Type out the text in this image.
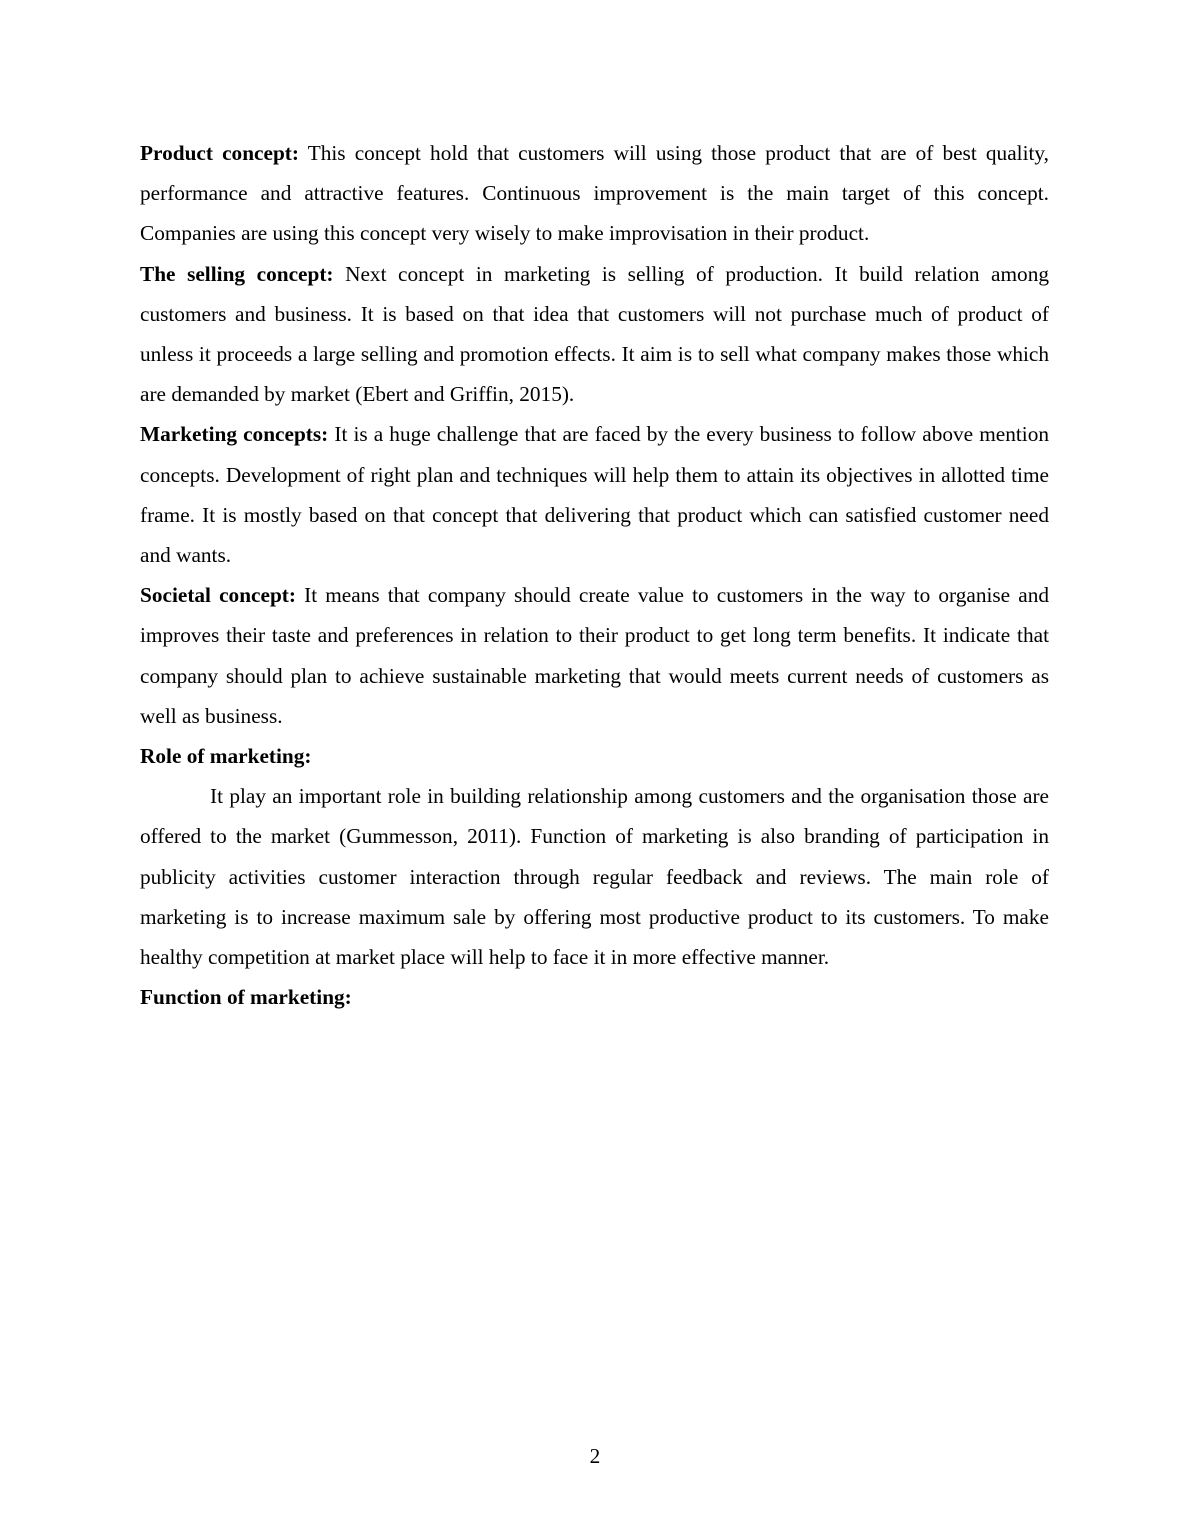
Product concept: This concept hold that customers will using those product that are of best quality, performance and attractive features. Continuous improvement is the main target of this concept. Companies are using this concept very wisely to make improvisation in their product.

The selling concept: Next concept in marketing is selling of production. It build relation among customers and business. It is based on that idea that customers will not purchase much of product of unless it proceeds a large selling and promotion effects. It aim is to sell what company makes those which are demanded by market (Ebert and Griffin, 2015).

Marketing concepts: It is a huge challenge that are faced by the every business to follow above mention concepts. Development of right plan and techniques will help them to attain its objectives in allotted time frame. It is mostly based on that concept that delivering that product which can satisfied customer need and wants.

Societal concept: It means that company should create value to customers in the way to organise and improves their taste and preferences in relation to their product to get long term benefits. It indicate that company should plan to achieve sustainable marketing that would meets current needs of customers as well as business.

Role of marketing:

It play an important role in building relationship among customers and the organisation those are offered to the market (Gummesson, 2011). Function of marketing is also branding of participation in publicity activities customer interaction through regular feedback and reviews. The main role of marketing is to increase maximum sale by offering most productive product to its customers. To make healthy competition at market place will help to face it in more effective manner.

Function of marketing:

2
